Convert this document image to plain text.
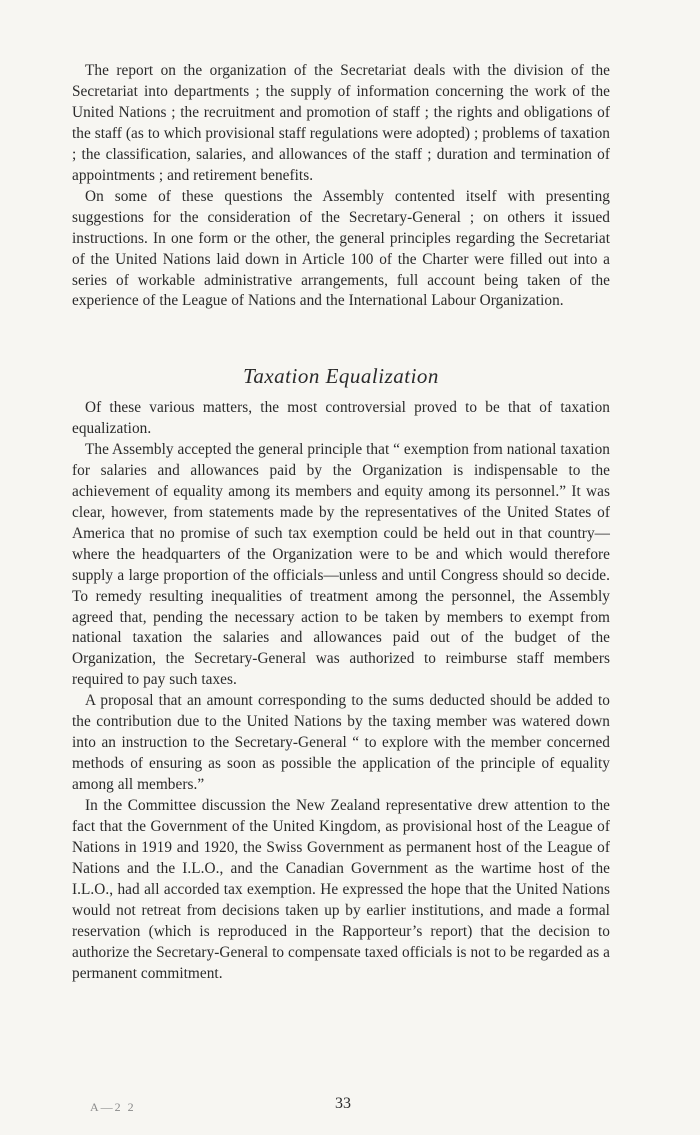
The report on the organization of the Secretariat deals with the division of the Secretariat into departments ; the supply of information concerning the work of the United Nations ; the recruitment and promotion of staff ; the rights and obligations of the staff (as to which provisional staff regulations were adopted) ; problems of taxation ; the classification, salaries, and allowances of the staff ; duration and termination of appointments ; and retirement benefits.

On some of these questions the Assembly contented itself with presenting suggestions for the consideration of the Secretary-General ; on others it issued instructions. In one form or the other, the general principles regarding the Secretariat of the United Nations laid down in Article 100 of the Charter were filled out into a series of workable administrative arrangements, full account being taken of the experience of the League of Nations and the International Labour Organization.

Taxation Equalization

Of these various matters, the most controversial proved to be that of taxation equalization.

The Assembly accepted the general principle that “ exemption from national taxation for salaries and allowances paid by the Organization is indispensable to the achievement of equality among its members and equity among its personnel.” It was clear, however, from statements made by the representatives of the United States of America that no promise of such tax exemption could be held out in that country—where the headquarters of the Organization were to be and which would therefore supply a large proportion of the officials—unless and until Congress should so decide. To remedy resulting inequalities of treatment among the personnel, the Assembly agreed that, pending the necessary action to be taken by members to exempt from national taxation the salaries and allowances paid out of the budget of the Organization, the Secretary-General was authorized to reimburse staff members required to pay such taxes.

A proposal that an amount corresponding to the sums deducted should be added to the contribution due to the United Nations by the taxing member was watered down into an instruction to the Secretary-General “ to explore with the member concerned methods of ensuring as soon as possible the application of the principle of equality among all members.”

In the Committee discussion the New Zealand representative drew attention to the fact that the Government of the United Kingdom, as provisional host of the League of Nations in 1919 and 1920, the Swiss Government as permanent host of the League of Nations and the I.L.O., and the Canadian Government as the wartime host of the I.L.O., had all accorded tax exemption. He expressed the hope that the United Nations would not retreat from decisions taken up by earlier institutions, and made a formal reservation (which is reproduced in the Rapporteur’s report) that the decision to authorize the Secretary-General to compensate taxed officials is not to be regarded as a permanent commitment.

A—2 2	33
